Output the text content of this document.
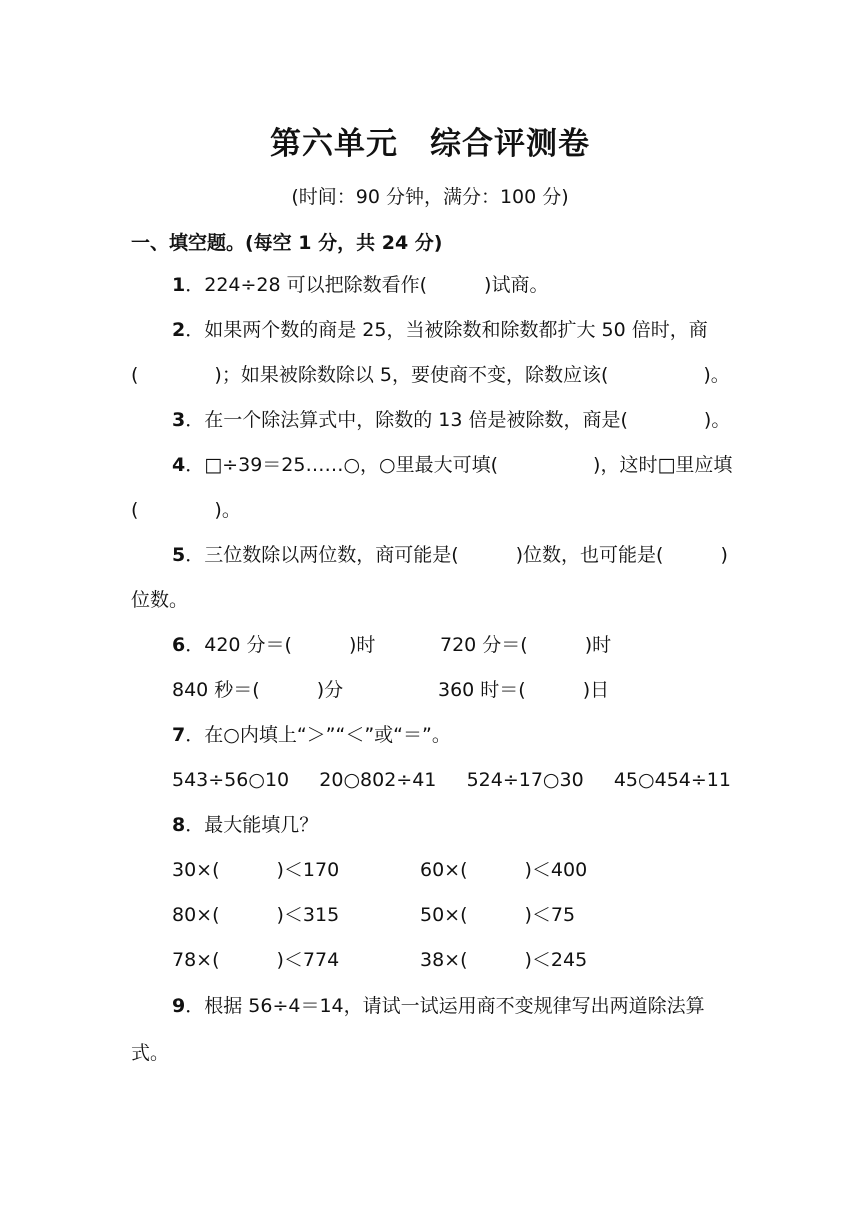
第六单元　综合评测卷
(时间：90 分钟，满分：100 分)
一、填空题。(每空 1 分，共 24 分)
1．224÷28 可以把除数看作(　　　)试商。
2．如果两个数的商是 25，当被除数和除数都扩大 50 倍时，商
(　　　　)；如果被除数除以 5，要使商不变，除数应该(　　　　　)。
3．在一个除法算式中，除数的 13 倍是被除数，商是(　　　　)。
4．□÷39＝25……○，○里最大可填(　　　　　)，这时□里应填
(　　　　)。
5．三位数除以两位数，商可能是(　　　)位数，也可能是(　　　)
位数。
6．420 分＝(　　　)时	720 分＝(　　　)时
840 秒＝(　　　)分	360 时＝(　　　)日
7．在○内填上“＞”“＜”或“＝”。
543÷56○10 20○802÷41 524÷17○30 45○454÷11
8．最大能填几？
30×(　　　)＜170	60×(　　　)＜400
80×(　　　)＜315	50×(　　　)＜75
78×(　　　)＜774	38×(　　　)＜245
9．根据 56÷4＝14，请试一试运用商不变规律写出两道除法算
式。
